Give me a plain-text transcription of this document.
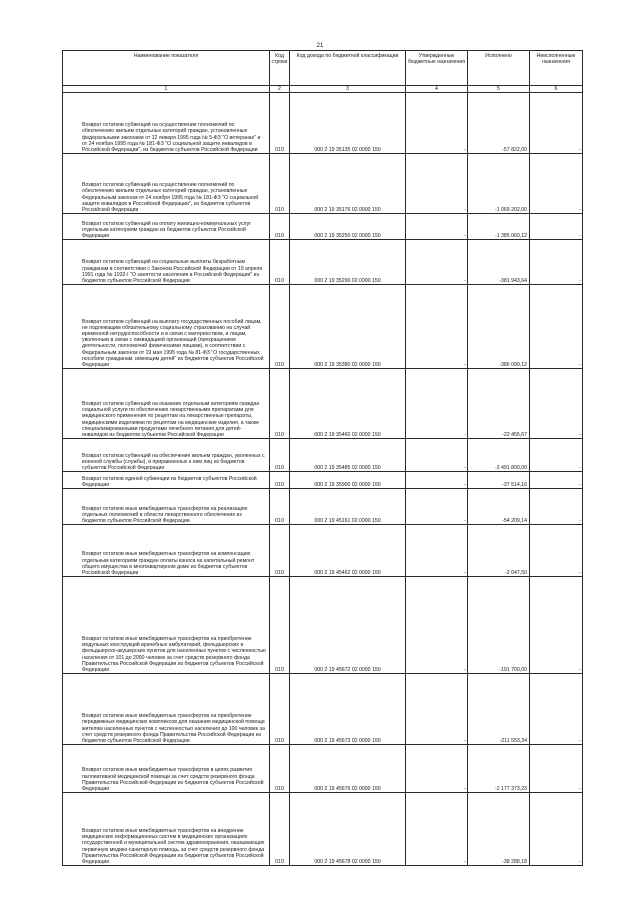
21
Наименование показателя	Код строки	Код дохода по бюджетной классификации	Утвержденные бюджетные назначения	Исполнено	Неисполненные назначения
1	2	3	4	5	6
Возврат остатков субвенций на осуществление полномочий по обеспечению жильем отдельных категорий граждан, установленных федеральными законами от 12 января 1995 года № 5-ФЗ "О ветеранах" и от 24 ноября 1995 года № 181-ФЗ "О социальной защите инвалидов в Российской Федерации", из бюджетов субъектов Российской Федерации	010	000 2 19 35135 02 0000 150	-	-57 822,00	-
Возврат остатков субвенций на осуществление полномочий по обеспечению жильем отдельных категорий граждан, установленных Федеральным законом от 24 ноября 1995 года № 181-ФЗ "О социальной защите инвалидов в Российской Федерации", из бюджетов субъектов Российской Федерации	010	000 2 19 35176 02 0000 150	-	-1 069 202,00	-
Возврат остатков субвенций на оплату жилищно-коммунальных услуг отдельным категориям граждан из бюджетов субъектов Российской Федерации	010	000 2 19 35250 02 0000 150	-	-1 385 060,12	-
Возврат остатков субвенций на социальные выплаты безработным гражданам в соответствии с Законом Российской Федерации от 19 апреля 1991 года № 1032-I "О занятости населения в Российской Федерации" из бюджетов субъектов Российской Федерации	010	000 2 19 35290 02 0000 150	-	-381 943,64	-
Возврат остатков субвенций на выплату государственных пособий лицам, не подлежащим обязательному социальному страхованию на случай временной нетрудоспособности и в связи с материнством, и лицам, уволенным в связи с ликвидацией организаций (прекращением деятельности, полномочий физическими лицами), в соответствии с Федеральным законом от 19 мая 1995 года № 81-ФЗ "О государственных пособиях гражданам, имеющим детей" из бюджетов субъектов Российской Федерации	010	000 2 19 35380 02 0000 150	-	-386 099,12	-
Возврат остатков субвенций на оказание отдельным категориям граждан социальной услуги по обеспечению лекарственными препаратами для медицинского применения по рецептам на лекарственные препараты, медицинскими изделиями по рецептам на медицинские изделия, а также специализированными продуктами лечебного питания для детей-инвалидов из бюджетов субъектов Российской Федерации	010	000 2 19 35460 02 0000 150	-	-22 455,67	-
Возврат остатков субвенций на обеспечение жильем граждан, уволенных с военной службы (службы), и приравненных к ним лиц из бюджетов субъектов Российской Федерации	010	000 2 19 35485 02 0000 150	-	-2 491 800,00	-
Возврат остатков единой субвенции из бюджетов субъектов Российской Федерации	010	000 2 19 35900 02 0000 150	-	-37 514,16	-
Возврат остатков иных межбюджетных трансфертов на реализацию отдельных полномочий в области лекарственного обеспечения из бюджетов субъектов Российской Федерации	010	000 2 19 45161 02 0000 150	-	-54 209,14	-
Возврат остатков иных межбюджетных трансфертов на компенсацию отдельным категориям граждан оплаты взноса на капитальный ремонт общего имущества в многоквартирном доме из бюджетов субъектов Российской Федерации	010	000 2 19 45462 02 0000 150	-	-2 047,50	-
Возврат остатков иных межбюджетных трансфертов на приобретение модульных конструкций врачебных амбулаторий, фельдшерских и фельдшерско-акушерских пунктов для населенных пунктов с численностью населения от 101 до 2000 человек за счет средств резервного фонда Правительства Российской Федерации из бюджетов субъектов Российской Федерации	010	000 2 19 45672 02 0000 150	-	-191 700,00	-
Возврат остатков иных межбюджетных трансфертов на приобретение передвижных медицинских комплексов для оказания медицинской помощи жителям населенных пунктов с численностью населения до 100 человек за счет средств резервного фонда Правительства Российской Федерации из бюджетов субъектов Российской Федерации	010	000 2 19 45673 02 0000 150	-	-211 553,34	-
Возврат остатков иных межбюджетных трансфертов в целях развития паллиативной медицинской помощи за счет средств резервного фонда Правительства Российской Федерации из бюджетов субъектов Российской Федерации	010	000 2 19 45676 02 0000 150	-	-2 177 373,23	-
Возврат остатков иных межбюджетных трансфертов на внедрение медицинских информационных систем в медицинских организациях государственной и муниципальной систем здравоохранения, оказывающих первичную медико-санитарную помощь, за счет средств резервного фонда Правительства Российской Федерации из бюджетов субъектов Российской Федерации	010	000 2 19 45678 02 0000 150	-	-38 288,18	-
